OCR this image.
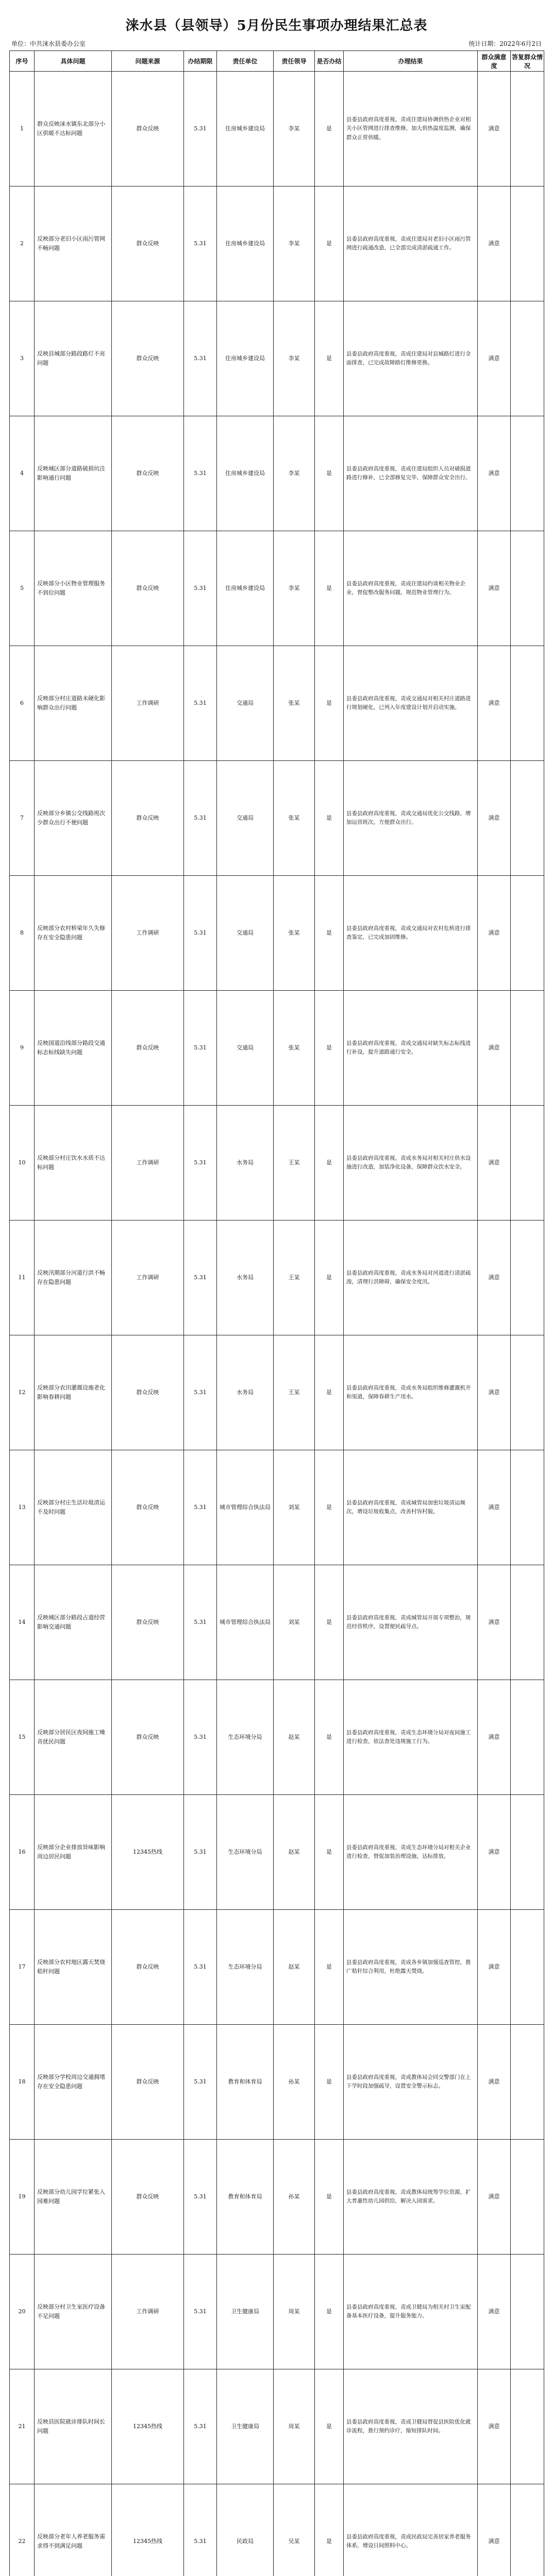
涞水县（县领导）5月份民生事项办理结果汇总表
单位：中共涞水县委办公室	统计日期：2022年6月2日
序号	具体问题	问题来源	办结期限	责任单位	责任领导	是否办结	办理结果	群众满意度	答复群众情况
1	群众反映涞水镇东北部分小区供暖不达标问题	群众反映	5.31	住房城乡建设局	李某	是	县委县政府高度重视，责成住建局协调供热企业对相关小区管网进行排查维修，加大供热温度监测，确保群众正常供暖。	满意	
2	反映部分老旧小区雨污管网不畅问题	群众反映	5.31	住房城乡建设局	李某	是	县委县政府高度重视，责成住建局对老旧小区雨污管网进行疏通改造，已全部完成清淤疏通工作。	满意	
3	反映县城部分路段路灯不亮问题	群众反映	5.31	住房城乡建设局	李某	是	县委县政府高度重视，责成住建局对县城路灯进行全面排查，已完成故障路灯维修更换。	满意	
4	反映城区部分道路破损坑洼影响通行问题	群众反映	5.31	住房城乡建设局	李某	是	县委县政府高度重视，责成住建局组织人员对破损道路进行修补，已全部修复完毕，保障群众安全出行。	满意	
5	反映部分小区物业管理服务不到位问题	群众反映	5.31	住房城乡建设局	李某	是	县委县政府高度重视，责成住建局约谈相关物业企业，督促整改服务问题，规范物业管理行为。	满意	
6	反映部分村庄道路未硬化影响群众出行问题	工作调研	5.31	交通局	张某	是	县委县政府高度重视，责成交通局对相关村庄道路进行规划硬化，已列入年度建设计划并启动实施。	满意	
7	反映部分乡镇公交线路班次少群众出行不便问题	群众反映	5.31	交通局	张某	是	县委县政府高度重视，责成交通局优化公交线路，增加运营班次，方便群众出行。	满意	
8	反映部分农村桥梁年久失修存在安全隐患问题	工作调研	5.31	交通局	张某	是	县委县政府高度重视，责成交通局对农村危桥进行排查鉴定，已完成加固维修。	满意	
9	反映国道沿线部分路段交通标志标线缺失问题	群众反映	5.31	交通局	张某	是	县委县政府高度重视，责成交通局对缺失标志标线进行补设，提升道路通行安全。	满意	
10	反映部分村庄饮水水质不达标问题	工作调研	5.31	水务局	王某	是	县委县政府高度重视，责成水务局对相关村庄供水设施进行改造，加装净化设备，保障群众饮水安全。	满意	
11	反映汛期部分河道行洪不畅存在隐患问题	工作调研	5.31	水务局	王某	是	县委县政府高度重视，责成水务局对河道进行清淤疏浚，清理行洪障碍，确保安全度汛。	满意	
12	反映部分农田灌溉设施老化影响春耕问题	群众反映	5.31	水务局	王某	是	县委县政府高度重视，责成水务局组织维修灌溉机井和渠道，保障春耕生产用水。	满意	
13	反映部分村庄生活垃圾清运不及时问题	群众反映	5.31	城市管理综合执法局	刘某	是	县委县政府高度重视，责成城管局加密垃圾清运频次，增设垃圾收集点，改善村容村貌。	满意	
14	反映城区部分路段占道经营影响交通问题	群众反映	5.31	城市管理综合执法局	刘某	是	县委县政府高度重视，责成城管局开展专项整治，规范经营秩序，设置便民疏导点。	满意	
15	反映部分居民区夜间施工噪音扰民问题	群众反映	5.31	生态环境分局	赵某	是	县委县政府高度重视，责成生态环境分局对夜间施工进行检查，依法查处违规施工行为。	满意	
16	反映部分企业排放异味影响周边居民问题	12345热线	5.31	生态环境分局	赵某	是	县委县政府高度重视，责成生态环境分局对相关企业进行检查，督促加装治理设施，达标排放。	满意	
17	反映部分农村地区露天焚烧秸秆问题	群众反映	5.31	生态环境分局	赵某	是	县委县政府高度重视，责成各乡镇加强巡查管控，推广秸秆综合利用，杜绝露天焚烧。	满意	
18	反映部分学校周边交通拥堵存在安全隐患问题	群众反映	5.31	教育和体育局	孙某	是	县委县政府高度重视，责成教体局会同交警部门在上下学时段加强疏导，设置安全警示标志。	满意	
19	反映部分幼儿园学位紧张入园难问题	群众反映	5.31	教育和体育局	孙某	是	县委县政府高度重视，责成教体局统筹学位资源，扩大普惠性幼儿园供给，解决入园需求。	满意	
20	反映部分村卫生室医疗设备不足问题	工作调研	5.31	卫生健康局	周某	是	县委县政府高度重视，责成卫健局为相关村卫生室配备基本医疗设备，提升服务能力。	满意	
21	反映县医院就诊排队时间长问题	12345热线	5.31	卫生健康局	周某	是	县委县政府高度重视，责成卫健局督促县医院优化就诊流程，推行预约诊疗，缩短排队时间。	满意	
22	反映部分老年人养老服务需求得不到满足问题	12345热线	5.31	民政局	吴某	是	县委县政府高度重视，责成民政局完善居家养老服务体系，增设日间照料中心。	满意	
